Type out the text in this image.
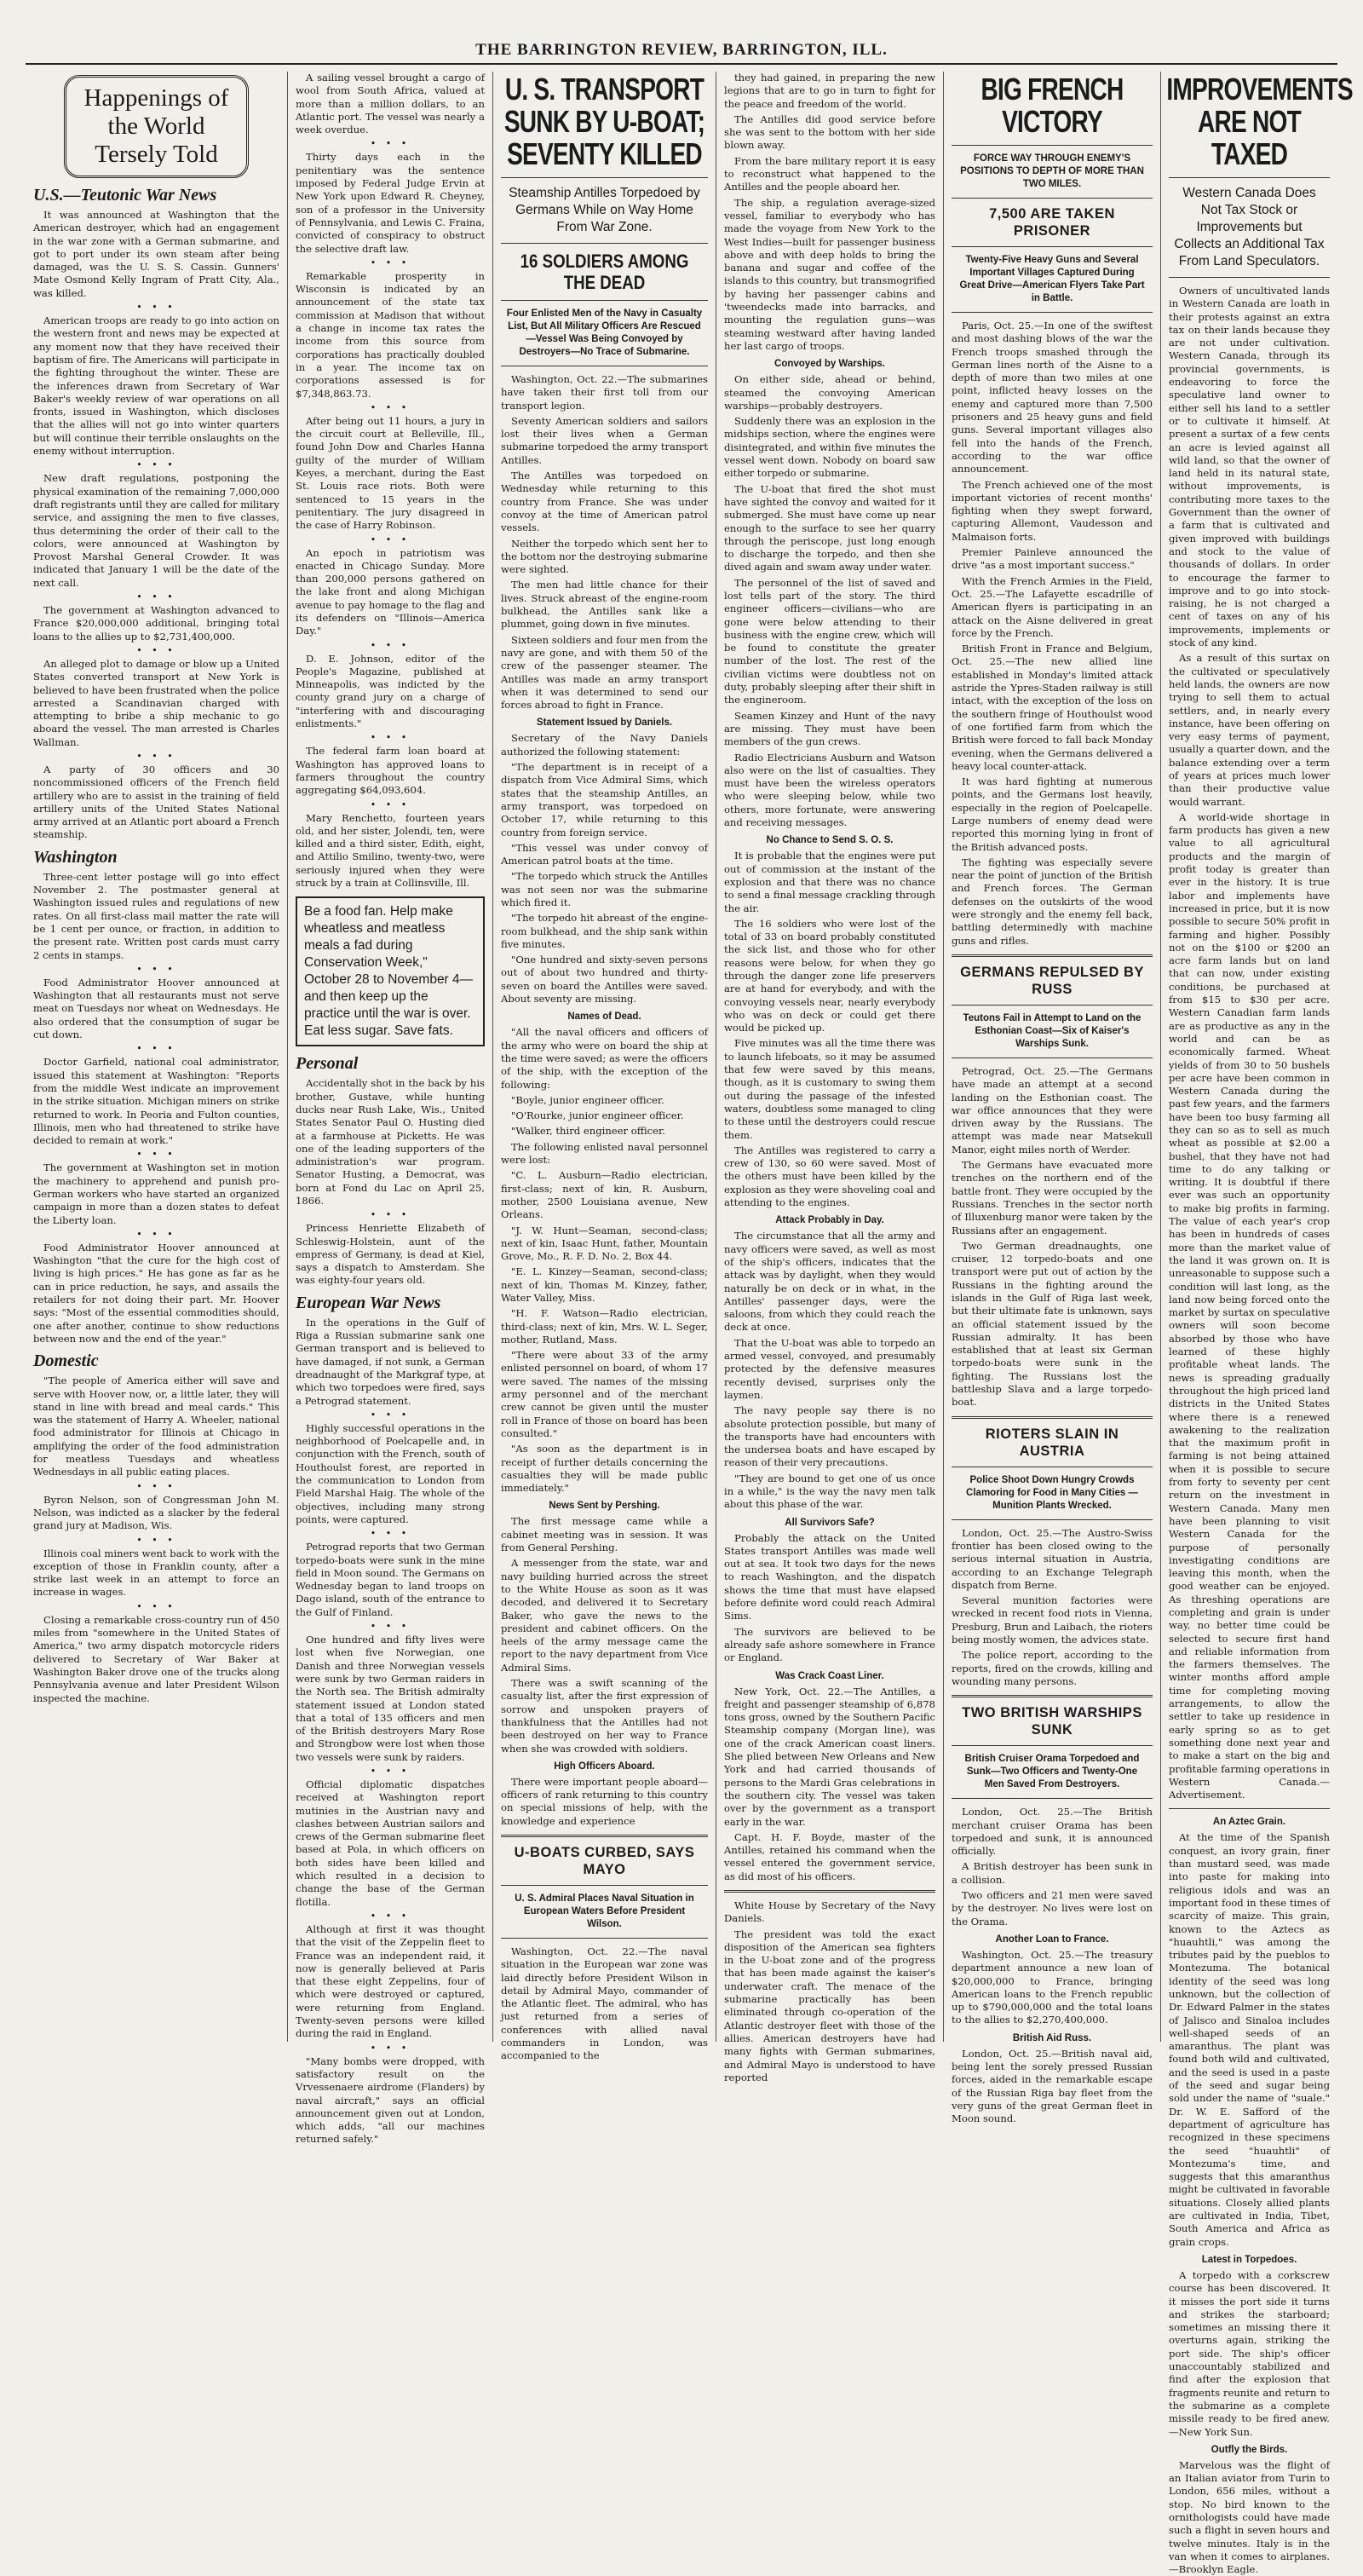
THE BARRINGTON REVIEW, BARRINGTON, ILL.
Happenings of the World Tersely Told
U.S.—Teutonic War News

It was announced at Washington that the American destroyer, which had an engagement in the war zone with a German submarine, and got to port under its own steam after being damaged, was the U. S. S. Cassin. Gunners' Mate Osmond Kelly Ingram of Pratt City, Ala., was killed.

• • •

American troops are ready to go into action on the western front and news may be expected at any moment now that they have received their baptism of fire. The Americans will participate in the fighting throughout the winter. These are the inferences drawn from Secretary of War Baker's weekly review of war operations on all fronts, issued in Washington, which discloses that the allies will not go into winter quarters but will continue their terrible onslaughts on the enemy without interruption.

• • •

New draft regulations, postponing the physical examination of the remaining 7,000,000 draft registrants until they are called for military service, and assigning the men to five classes, thus determining the order of their call to the colors, were announced at Washington by Provost Marshal General Crowder. It was indicated that January 1 will be the date of the next call.

• • •

The government at Washington advanced to France $20,000,000 additional, bringing total loans to the allies up to $2,731,400,000.

• • •

An alleged plot to damage or blow up a United States converted transport at New York is believed to have been frustrated when the police arrested a Scandinavian charged with attempting to bribe a ship mechanic to go aboard the vessel. The man arrested is Charles Wallman.

• • •

A party of 30 officers and 30 noncommissioned officers of the French field artillery who are to assist in the training of field artillery units of the United States National army arrived at an Atlantic port aboard a French steamship.

Washington

Three-cent letter postage will go into effect November 2. The postmaster general at Washington issued rules and regulations of new rates. On all first-class mail matter the rate will be 1 cent per ounce, or fraction, in addition to the present rate. Written post cards must carry 2 cents in stamps.

• • •

Food Administrator Hoover announced at Washington that all restaurants must not serve meat on Tuesdays nor wheat on Wednesdays. He also ordered that the consumption of sugar be cut down.

• • •

Doctor Garfield, national coal administrator, issued this statement at Washington: "Reports from the middle West indicate an improvement in the strike situation. Michigan miners on strike returned to work. In Peoria and Fulton counties, Illinois, men who had threatened to strike have decided to remain at work."

• • •

The government at Washington set in motion the machinery to apprehend and punish pro-German workers who have started an organized campaign in more than a dozen states to defeat the Liberty loan.

• • •

Food Administrator Hoover announced at Washington "that the cure for the high cost of living is high prices." He has gone as far as he can in price reduction, he says, and assails the retailers for not doing their part. Mr. Hoover says: "Most of the essential commodities should, one after another, continue to show reductions between now and the end of the year."

Domestic

"The people of America either will save and serve with Hoover now, or, a little later, they will stand in line with bread and meal cards." This was the statement of Harry A. Wheeler, national food administrator for Illinois at Chicago in amplifying the order of the food administration for meatless Tuesdays and wheatless Wednesdays in all public eating places.

• • •

Byron Nelson, son of Congressman John M. Nelson, was indicted as a slacker by the federal grand jury at Madison, Wis.

• • •

Illinois coal miners went back to work with the exception of those in Franklin county, after a strike last week in an attempt to force an increase in wages.

• • •

Closing a remarkable cross-country run of 450 miles from "somewhere in the United States of America," two army dispatch motorcycle riders delivered to Secretary of War Baker at Washington Baker drove one of the trucks along Pennsylvania avenue and later President Wilson inspected the machine.

A sailing vessel brought a cargo of wool from South Africa, valued at more than a million dollars, to an Atlantic port. The vessel was nearly a week overdue.

• • •

Thirty days each in the penitentiary was the sentence imposed by Federal Judge Ervin at New York upon Edward R. Cheyney, son of a professor in the University of Pennsylvania, and Lewis C. Fraina, convicted of conspiracy to obstruct the selective draft law.

• • •

Remarkable prosperity in Wisconsin is indicated by an announcement of the state tax commission at Madison that without a change in income tax rates the income from this source from corporations has practically doubled in a year. The income tax on corporations assessed is for $7,348,863.73.

• • •

After being out 11 hours, a jury in the circuit court at Belleville, Ill., found John Dow and Charles Hanna guilty of the murder of William Keyes, a merchant, during the East St. Louis race riots. Both were sentenced to 15 years in the penitentiary. The jury disagreed in the case of Harry Robinson.

• • •

An epoch in patriotism was enacted in Chicago Sunday. More than 200,000 persons gathered on the lake front and along Michigan avenue to pay homage to the flag and its defenders on "Illinois—America Day."

• • •

D. E. Johnson, editor of the People's Magazine, published at Minneapolis, was indicted by the county grand jury on a charge of "interfering with and discouraging enlistments."

• • •

The federal farm loan board at Washington has approved loans to farmers throughout the country aggregating $64,093,604.

• • •

Mary Renchetto, fourteen years old, and her sister, Jolendi, ten, were killed and a third sister, Edith, eight, and Attilio Smilino, twenty-two, were seriously injured when they were struck by a train at Collinsville, Ill.

Be a food fan. Help make wheatless and meatless meals a fad during Conservation Week," October 28 to November 4—and then keep up the practice until the war is over. Eat less sugar. Save fats.
Personal

Accidentally shot in the back by his brother, Gustave, while hunting ducks near Rush Lake, Wis., United States Senator Paul O. Husting died at a farmhouse at Picketts. He was one of the leading supporters of the administration's war program. Senator Husting, a Democrat, was born at Fond du Lac on April 25, 1866.

• • •

Princess Henriette Elizabeth of Schleswig-Holstein, aunt of the empress of Germany, is dead at Kiel, says a dispatch to Amsterdam. She was eighty-four years old.

European War News

In the operations in the Gulf of Riga a Russian submarine sank one German transport and is believed to have damaged, if not sunk, a German dreadnaught of the Markgraf type, at which two torpedoes were fired, says a Petrograd statement.

• • •

Highly successful operations in the neighborhood of Poelcapelle and, in conjunction with the French, south of Houthoulst forest, are reported in the communication to London from Field Marshal Haig. The whole of the objectives, including many strong points, were captured.

• • •

Petrograd reports that two German torpedo-boats were sunk in the mine field in Moon sound. The Germans on Wednesday began to land troops on Dago island, south of the entrance to the Gulf of Finland.

• • •

One hundred and fifty lives were lost when five Norwegian, one Danish and three Norwegian vessels were sunk by two German raiders in the North sea. The British admiralty statement issued at London stated that a total of 135 officers and men of the British destroyers Mary Rose and Strongbow were lost when those two vessels were sunk by raiders.

• • •

Official diplomatic dispatches received at Washington report mutinies in the Austrian navy and clashes between Austrian sailors and crews of the German submarine fleet based at Pola, in which officers on both sides have been killed and which resulted in a decision to change the base of the German flotilla.

• • •

Although at first it was thought that the visit of the Zeppelin fleet to France was an independent raid, it now is generally believed at Paris that these eight Zeppelins, four of which were destroyed or captured, were returning from England. Twenty-seven persons were killed during the raid in England.

• • •

"Many bombs were dropped, with satisfactory result on the Vrvessenaere airdrome (Flanders) by naval aircraft," says an official announcement given out at London, which adds, "all our machines returned safely."

U. S. TRANSPORT SUNK BY U-BOAT; SEVENTY KILLED
Steamship Antilles Torpedoed by Germans While on Way Home From War Zone.
16 SOLDIERS AMONG THE DEAD
Four Enlisted Men of the Navy in Casualty List, But All Military Officers Are Rescued—Vessel Was Being Convoyed by Destroyers—No Trace of Submarine.

Washington, Oct. 22.—The submarines have taken their first toll from our transport legion.

Seventy American soldiers and sailors lost their lives when a German submarine torpedoed the army transport Antilles.

The Antilles was torpedoed on Wednesday while returning to this country from France. She was under convoy at the time of American patrol vessels.

Neither the torpedo which sent her to the bottom nor the destroying submarine were sighted.

The men had little chance for their lives. Struck abreast of the engine-room bulkhead, the Antilles sank like a plummet, going down in five minutes.

Sixteen soldiers and four men from the navy are gone, and with them 50 of the crew of the passenger steamer. The Antilles was made an army transport when it was determined to send our forces abroad to fight in France.

Statement Issued by Daniels.

Secretary of the Navy Daniels authorized the following statement:

"The department is in receipt of a dispatch from Vice Admiral Sims, which states that the steamship Antilles, an army transport, was torpedoed on October 17, while returning to this country from foreign service.

"This vessel was under convoy of American patrol boats at the time.

"The torpedo which struck the Antilles was not seen nor was the submarine which fired it.

"The torpedo hit abreast of the engine-room bulkhead, and the ship sank within five minutes.

"One hundred and sixty-seven persons out of about two hundred and thirty-seven on board the Antilles were saved. About seventy are missing.

Names of Dead.

"All the naval officers and officers of the army who were on board the ship at the time were saved; as were the officers of the ship, with the exception of the following:

"Boyle, junior engineer officer.

"O'Rourke, junior engineer officer.

"Walker, third engineer officer.

The following enlisted naval personnel were lost:

"C. L. Ausburn—Radio electrician, first-class; next of kin, R. Ausburn, mother, 2500 Louisiana avenue, New Orleans.

"J. W. Hunt—Seaman, second-class; next of kin, Isaac Hunt, father, Mountain Grove, Mo., R. F. D. No. 2, Box 44.

"E. L. Kinzey—Seaman, second-class; next of kin, Thomas M. Kinzey, father, Water Valley, Miss.

"H. F. Watson—Radio electrician, third-class; next of kin, Mrs. W. L. Seger, mother, Rutland, Mass.

"There were about 33 of the army enlisted personnel on board, of whom 17 were saved. The names of the missing army personnel and of the merchant crew cannot be given until the muster roll in France of those on board has been consulted."

"As soon as the department is in receipt of further details concerning the casualties they will be made public immediately."

News Sent by Pershing.

The first message came while a cabinet meeting was in session. It was from General Pershing.

A messenger from the state, war and navy building hurried across the street to the White House as soon as it was decoded, and delivered it to Secretary Baker, who gave the news to the president and cabinet officers. On the heels of the army message came the report to the navy department from Vice Admiral Sims.

There was a swift scanning of the casualty list, after the first expression of sorrow and unspoken prayers of thankfulness that the Antilles had not been destroyed on her way to France when she was crowded with soldiers.

High Officers Aboard.

There were important people aboard—officers of rank returning to this country on special missions of help, with the knowledge and experience

U-BOATS CURBED, SAYS MAYO
U. S. Admiral Places Naval Situation in European Waters Before President Wilson.

Washington, Oct. 22.—The naval situation in the European war zone was laid directly before President Wilson in detail by Admiral Mayo, commander of the Atlantic fleet. The admiral, who has just returned from a series of conferences with allied naval commanders in London, was accompanied to the

they had gained, in preparing the new legions that are to go in turn to fight for the peace and freedom of the world.

The Antilles did good service before she was sent to the bottom with her side blown away.

From the bare military report it is easy to reconstruct what happened to the Antilles and the people aboard her.

The ship, a regulation average-sized vessel, familiar to everybody who has made the voyage from New York to the West Indies—built for passenger business above and with deep holds to bring the banana and sugar and coffee of the islands to this country, but transmogrified by having her passenger cabins and 'tweendecks made into barracks, and mounting the regulation guns—was steaming westward after having landed her last cargo of troops.

Convoyed by Warships.

On either side, ahead or behind, steamed the convoying American warships—probably destroyers.

Suddenly there was an explosion in the midships section, where the engines were disintegrated, and within five minutes the vessel went down. Nobody on board saw either torpedo or submarine.

The U-boat that fired the shot must have sighted the convoy and waited for it submerged. She must have come up near enough to the surface to see her quarry through the periscope, just long enough to discharge the torpedo, and then she dived again and swam away under water.

The personnel of the list of saved and lost tells part of the story. The third engineer officers—civilians—who are gone were below attending to their business with the engine crew, which will be found to constitute the greater number of the lost. The rest of the civilian victims were doubtless not on duty, probably sleeping after their shift in the engineroom.

Seamen Kinzey and Hunt of the navy are missing. They must have been members of the gun crews.

Radio Electricians Ausburn and Watson also were on the list of casualties. They must have been the wireless operators who were sleeping below, while two others, more fortunate, were answering and receiving messages.

No Chance to Send S. O. S.

It is probable that the engines were put out of commission at the instant of the explosion and that there was no chance to send a final message crackling through the air.

The 16 soldiers who were lost of the total of 33 on board probably constituted the sick list, and those who for other reasons were below, for when they go through the danger zone life preservers are at hand for everybody, and with the convoying vessels near, nearly everybody who was on deck or could get there would be picked up.

Five minutes was all the time there was to launch lifeboats, so it may be assumed that few were saved by this means, though, as it is customary to swing them out during the passage of the infested waters, doubtless some managed to cling to these until the destroyers could rescue them.

The Antilles was registered to carry a crew of 130, so 60 were saved. Most of the others must have been killed by the explosion as they were shoveling coal and attending to the engines.

Attack Probably in Day.

The circumstance that all the army and navy officers were saved, as well as most of the ship's officers, indicates that the attack was by daylight, when they would naturally be on deck or in what, in the Antilles' passenger days, were the saloons, from which they could reach the deck at once.

That the U-boat was able to torpedo an armed vessel, convoyed, and presumably protected by the defensive measures recently devised, surprises only the laymen.

The navy people say there is no absolute protection possible, but many of the transports have had encounters with the undersea boats and have escaped by reason of their very precautions.

"They are bound to get one of us once in a while," is the way the navy men talk about this phase of the war.

All Survivors Safe?

Probably the attack on the United States transport Antilles was made well out at sea. It took two days for the news to reach Washington, and the dispatch shows the time that must have elapsed before definite word could reach Admiral Sims.

The survivors are believed to be already safe ashore somewhere in France or England.

Was Crack Coast Liner.

New York, Oct. 22.—The Antilles, a freight and passenger steamship of 6,878 tons gross, owned by the Southern Pacific Steamship company (Morgan line), was one of the crack American coast liners. She plied between New Orleans and New York and had carried thousands of persons to the Mardi Gras celebrations in the southern city. The vessel was taken over by the government as a transport early in the war.

Capt. H. F. Boyde, master of the Antilles, retained his command when the vessel entered the government service, as did most of his officers.

White House by Secretary of the Navy Daniels.

The president was told the exact disposition of the American sea fighters in the U-boat zone and of the progress that has been made against the kaiser's underwater craft. The menace of the submarine practically has been eliminated through co-operation of the Atlantic destroyer fleet with those of the allies. American destroyers have had many fights with German submarines, and Admiral Mayo is understood to have reported

BIG FRENCH VICTORY
FORCE WAY THROUGH ENEMY'S POSITIONS TO DEPTH OF MORE THAN TWO MILES.
7,500 ARE TAKEN PRISONER
Twenty-Five Heavy Guns and Several Important Villages Captured During Great Drive—American Flyers Take Part in Battle.

Paris, Oct. 25.—In one of the swiftest and most dashing blows of the war the French troops smashed through the German lines north of the Aisne to a depth of more than two miles at one point, inflicted heavy losses on the enemy and captured more than 7,500 prisoners and 25 heavy guns and field guns. Several important villages also fell into the hands of the French, according to the war office announcement.

The French achieved one of the most important victories of recent months' fighting when they swept forward, capturing Allemont, Vaudesson and Malmaison forts.

Premier Painleve announced the drive "as a most important success."

With the French Armies in the Field, Oct. 25.—The Lafayette escadrille of American flyers is participating in an attack on the Aisne delivered in great force by the French.

British Front in France and Belgium, Oct. 25.—The new allied line established in Monday's limited attack astride the Ypres-Staden railway is still intact, with the exception of the loss on the southern fringe of Houthoulst wood of one fortified farm from which the British were forced to fall back Monday evening, when the Germans delivered a heavy local counter-attack.

It was hard fighting at numerous points, and the Germans lost heavily, especially in the region of Poelcapelle. Large numbers of enemy dead were reported this morning lying in front of the British advanced posts.

The fighting was especially severe near the point of junction of the British and French forces. The German defenses on the outskirts of the wood were strongly and the enemy fell back, battling determinedly with machine guns and rifles.

GERMANS REPULSED BY RUSS
Teutons Fail in Attempt to Land on the Esthonian Coast—Six of Kaiser's Warships Sunk.

Petrograd, Oct. 25.—The Germans have made an attempt at a second landing on the Esthonian coast. The war office announces that they were driven away by the Russians. The attempt was made near Matsekull Manor, eight miles north of Werder.

The Germans have evacuated more trenches on the northern end of the battle front. They were occupied by the Russians. Trenches in the sector north of Illuxenburg manor were taken by the Russians after an engagement.

Two German dreadnaughts, one cruiser, 12 torpedo-boats and one transport were put out of action by the Russians in the fighting around the islands in the Gulf of Riga last week, but their ultimate fate is unknown, says an official statement issued by the Russian admiralty. It has been established that at least six German torpedo-boats were sunk in the fighting. The Russians lost the battleship Slava and a large torpedo-boat.

RIOTERS SLAIN IN AUSTRIA
Police Shoot Down Hungry Crowds Clamoring for Food in Many Cities —Munition Plants Wrecked.

London, Oct. 25.—The Austro-Swiss frontier has been closed owing to the serious internal situation in Austria, according to an Exchange Telegraph dispatch from Berne.

Several munition factories were wrecked in recent food riots in Vienna, Presburg, Brun and Laibach, the rioters being mostly women, the advices state.

The police report, according to the reports, fired on the crowds, killing and wounding many persons.

TWO BRITISH WARSHIPS SUNK
British Cruiser Orama Torpedoed and Sunk—Two Officers and Twenty-One Men Saved From Destroyers.

London, Oct. 25.—The British merchant cruiser Orama has been torpedoed and sunk, it is announced officially.

A British destroyer has been sunk in a collision.

Two officers and 21 men were saved by the destroyer. No lives were lost on the Orama.

Another Loan to France.

Washington, Oct. 25.—The treasury department announce a new loan of $20,000,000 to France, bringing American loans to the French republic up to $790,000,000 and the total loans to the allies to $2,270,400,000.

British Aid Russ.

London, Oct. 25.—British naval aid, being lent the sorely pressed Russian forces, aided in the remarkable escape of the Russian Riga bay fleet from the very guns of the great German fleet in Moon sound.

IMPROVEMENTS ARE NOT TAXED
Western Canada Does Not Tax Stock or Improvements but Collects an Additional Tax From Land Speculators.

Owners of uncultivated lands in Western Canada are loath in their protests against an extra tax on their lands because they are not under cultivation. Western Canada, through its provincial governments, is endeavoring to force the speculative land owner to either sell his land to a settler or to cultivate it himself. At present a surtax of a few cents an acre is levied against all wild land, so that the owner of land held in its natural state, without improvements, is contributing more taxes to the Government than the owner of a farm that is cultivated and given improved with buildings and stock to the value of thousands of dollars. In order to encourage the farmer to improve and to go into stock-raising, he is not charged a cent of taxes on any of his improvements, implements or stock of any kind.

As a result of this surtax on the cultivated or speculatively held lands, the owners are now trying to sell them to actual settlers, and, in nearly every instance, have been offering on very easy terms of payment, usually a quarter down, and the balance extending over a term of years at prices much lower than their productive value would warrant.

A world-wide shortage in farm products has given a new value to all agricultural products and the margin of profit today is greater than ever in the history. It is true labor and implements have increased in price, but it is now possible to secure 50% profit in farming and higher. Possibly not on the $100 or $200 an acre farm lands but on land that can now, under existing conditions, be purchased at from $15 to $30 per acre. Western Canadian farm lands are as productive as any in the world and can be as economically farmed. Wheat yields of from 30 to 50 bushels per acre have been common in Western Canada during the past few years, and the farmers have been too busy farming all they can so as to sell as much wheat as possible at $2.00 a bushel, that they have not had time to do any talking or writing. It is doubtful if there ever was such an opportunity to make big profits in farming. The value of each year's crop has been in hundreds of cases more than the market value of the land it was grown on. It is unreasonable to suppose such a condition will last long, as the land now being forced onto the market by surtax on speculative owners will soon become absorbed by those who have learned of these highly profitable wheat lands. The news is spreading gradually throughout the high priced land districts in the United States where there is a renewed awakening to the realization that the maximum profit in farming is not being attained when it is possible to secure from forty to seventy per cent return on the investment in Western Canada. Many men have been planning to visit Western Canada for the purpose of personally investigating conditions are leaving this month, when the good weather can be enjoyed. As threshing operations are completing and grain is under way, no better time could be selected to secure first hand and reliable information from the farmers themselves. The winter months afford ample time for completing moving arrangements, to allow the settler to take up residence in early spring so as to get something done next year and to make a start on the big and profitable farming operations in Western Canada.—Advertisement.

An Aztec Grain.

At the time of the Spanish conquest, an ivory grain, finer than mustard seed, was made into paste for making into religious idols and was an important food in these times of scarcity of maize. This grain, known to the Aztecs as "huauhtli," was among the tributes paid by the pueblos to Montezuma. The botanical identity of the seed was long unknown, but the collection of Dr. Edward Palmer in the states of Jalisco and Sinaloa includes well-shaped seeds of an amaranthus. The plant was found both wild and cultivated, and the seed is used in a paste of the seed and sugar being sold under the name of "suale." Dr. W. E. Safford of the department of agriculture has recognized in these specimens the seed "huauhtli" of Montezuma's time, and suggests that this amaranthus might be cultivated in favorable situations. Closely allied plants are cultivated in India, Tibet, South America and Africa as grain crops.

Latest in Torpedoes.

A torpedo with a corkscrew course has been discovered. It it misses the port side it turns and strikes the starboard; sometimes an missing there it overturns again, striking the port side. The ship's officer unaccountably stabilized and find after the explosion that fragments reunite and return to the submarine as a complete missile ready to be fired anew.—New York Sun.

Outfly the Birds.

Marvelous was the flight of an Italian aviator from Turin to London, 656 miles, without a stop. No bird known to the ornithologists could have made such a flight in seven hours and twelve minutes. Italy is in the van when it comes to airplanes.—Brooklyn Eagle.
